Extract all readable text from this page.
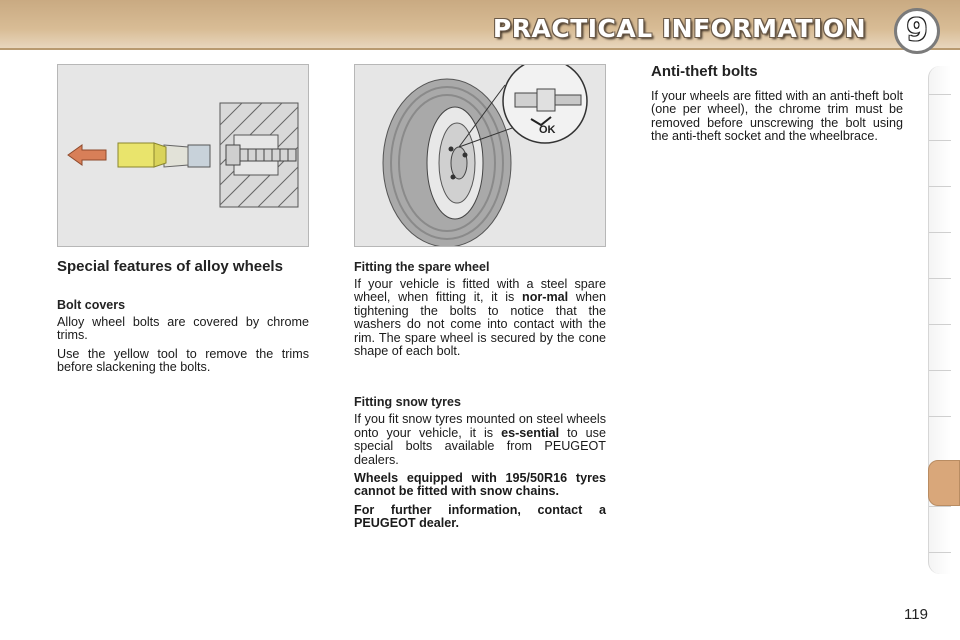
PRACTICAL INFORMATION	9
OK
Special features of alloy wheels
Bolt covers

Alloy wheel bolts are covered by chrome trims.

Use the yellow tool to remove the trims before slackening the bolts.

Fitting the spare wheel

If your vehicle is fitted with a steel spare wheel, when fitting it, it is nor-mal when tightening the bolts to notice that the washers do not come into contact with the rim. The spare wheel is secured by the cone shape of each bolt.

Fitting snow tyres

If you fit snow tyres mounted on steel wheels onto your vehicle, it is es-sential to use special bolts available from PEUGEOT dealers.

Wheels equipped with 195/50R16 tyres cannot be fitted with snow chains.

For further information, contact a PEUGEOT dealer.

Anti-theft bolts

If your wheels are fitted with an anti-theft bolt (one per wheel), the chrome trim must be removed before unscrewing the bolt using the anti-theft socket and the wheelbrace.

119
